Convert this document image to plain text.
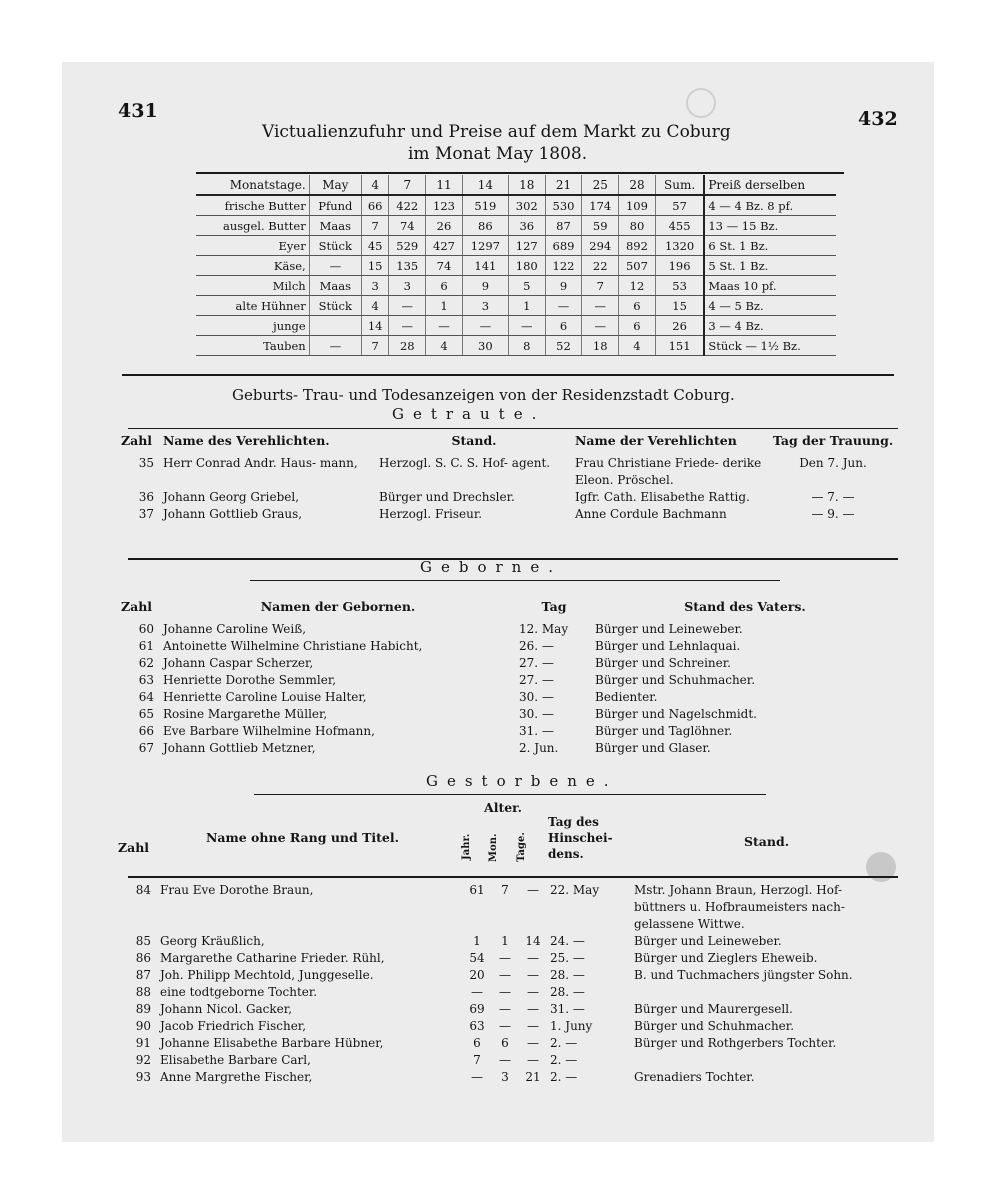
431	432
Victualienzufuhr und Preise auf dem Markt zu Coburg
im Monat May 1808.
Monatstage.	May	4	7	11	14	18	21	25	28	Sum.	Preiß derselben
frische Butter	Pfund	66	422	123	519	302	530	174	109	57	4 — 4 Bz. 8 pf.
ausgel. Butter	Maas	7	74	26	86	36	87	59	80	455	13 — 15 Bz.
Eyer	Stück	45	529	427	1297	127	689	294	892	1320	6 St. 1 Bz.
Käse,	—	15	135	74	141	180	122	22	507	196	5 St. 1 Bz.
Milch	Maas	3	3	6	9	5	9	7	12	53	Maas 10 pf.
alte Hühner	Stück	4	—	1	3	1	—	—	6	15	4 — 5 Bz.
junge		14	—	—	—	—	6	—	6	26	3 — 4 Bz.
Tauben	—	7	28	4	30	8	52	18	4	151	Stück — 1½ Bz.
Geburts- Trau- und Todesanzeigen von der Residenzstadt Coburg.
Getraute.
Zahl	Name des Verehlichten.	Stand.	Name der Verehlichten	Tag der Trauung.
35	Herr Conrad Andr. Haus- mann,	Herzogl. S. C. S. Hof- agent.	Frau Christiane Friede- derike Eleon. Pröschel.	Den 7. Jun.
36	Johann Georg Griebel,	Bürger und Drechsler.	Igfr. Cath. Elisabethe Rattig.	— 7. —
37	Johann Gottlieb Graus,	Herzogl. Friseur.	Anne Cordule Bachmann	— 9. —
Geborne.
Zahl	Namen der Gebornen.	Tag	Stand des Vaters.
60	Johanne Caroline Weiß,	12. May	Bürger und Leineweber.
61	Antoinette Wilhelmine Christiane Habicht,	26. —	Bürger und Lehnlaquai.
62	Johann Caspar Scherzer,	27. —	Bürger und Schreiner.
63	Henriette Dorothe Semmler,	27. —	Bürger und Schuhmacher.
64	Henriette Caroline Louise Halter,	30. —	Bedienter.
65	Rosine Margarethe Müller,	30. —	Bürger und Nagelschmidt.
66	Eve Barbare Wilhelmine Hofmann,	31. —	Bürger und Taglöhner.
67	Johann Gottlieb Metzner,	2. Jun.	Bürger und Glaser.
Gestorbene.
Zahl
Name ohne Rang und Titel.
Alter.
Jahr. Mon. Tage.
Tag des Hinschei- dens.
Stand.
84	Frau Eve Dorothe Braun,	61	7	—	22. May	Mstr. Johann Braun, Herzogl. Hof- büttners u. Hofbraumeisters nach- gelassene Wittwe.
85	Georg Kräußlich,	1	1	14	24. —	Bürger und Leineweber.
86	Margarethe Catharine Frieder. Rühl,	54	—	—	25. —	Bürger und Zieglers Eheweib.
87	Joh. Philipp Mechtold, Junggeselle.	20	—	—	28. —	B. und Tuchmachers jüngster Sohn.
88	eine todtgeborne Tochter.	—	—	—	28. —	
89	Johann Nicol. Gacker,	69	—	—	31. —	Bürger und Maurergesell.
90	Jacob Friedrich Fischer,	63	—	—	1. Juny	Bürger und Schuhmacher.
91	Johanne Elisabethe Barbare Hübner,	6	6	—	2. —	Bürger und Rothgerbers Tochter.
92	Elisabethe Barbare Carl,	7	—	—	2. —	
93	Anne Margrethe Fischer,	—	3	21	2. —	Grenadiers Tochter.
